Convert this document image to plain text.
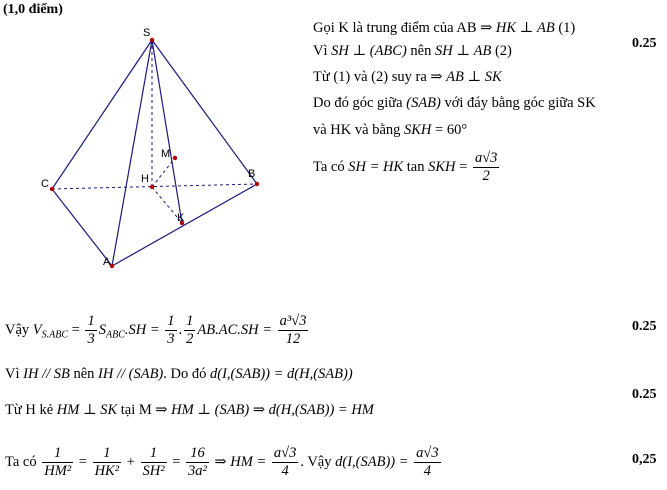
(1,0 điểm)
S
C	H
M
B
K
A
Gọi K là trung điểm của AB ⇒ HK ⊥ AB (1)
Vì SH ⊥ (ABC) nên SH ⊥ AB (2)
Từ (1) và (2) suy ra ⇒ AB ⊥ SK
Do đó góc giữa (SAB) với đáy bằng góc giữa SK
và HK và bằng SKH = 60°
Ta có SH = HK tan SKH = $\frac{a√3}{2}$
Vậy $V_{S.ABC} = \frac{1}{3} S_{ABC}.SH = \frac{1}{3}$ . $\frac{1}{2} AB.AC.SH = \frac{\text{a³√3}}{12}$
Vì IH // SB nên IH // (SAB). Do đó d(I,(SAB)) = d(H,(SAB))
Từ H kẻ HM ⊥ SK tại M ⇒ HM ⊥ (SAB) ⇒ d(H,(SAB)) = HM
Ta có $\frac{1}{\text{HM²}} = \frac{1}{\text{HK²}} + \frac{1}{\text{SH²}} = \frac{16}{\text{3a²}}$ ⇒ HM = $\frac{a√3}{4}$ . Vậy $d(I,(SAB)) = \frac{a√3}{4}$
0.25
0.25
0.25
0,25
